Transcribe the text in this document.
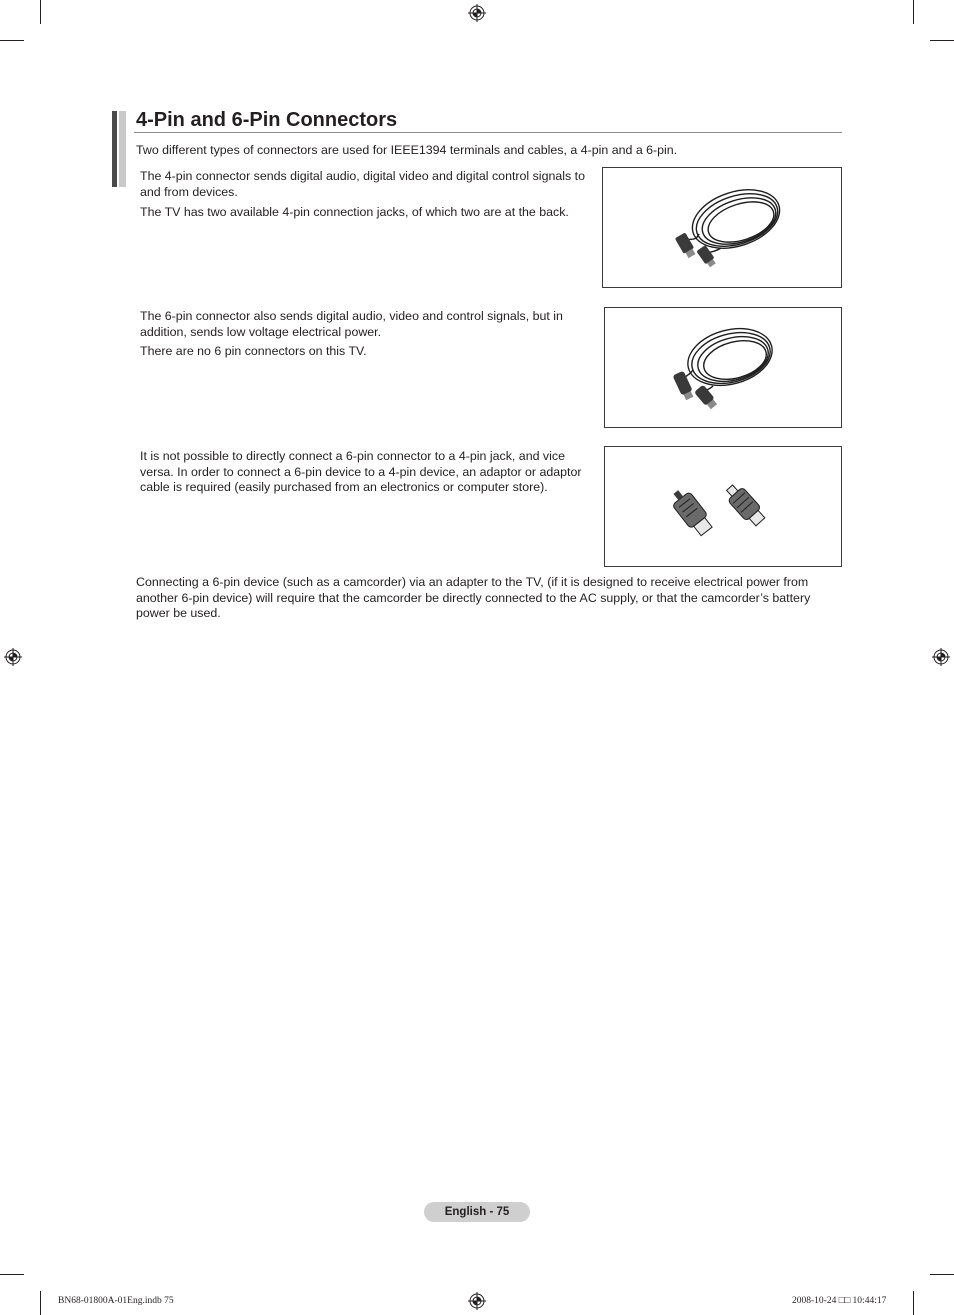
4-Pin and 6-Pin Connectors

Two different types of connectors are used for IEEE1394 terminals and cables, a 4-pin and a 6-pin.

The 4-pin connector sends digital audio, digital video and digital control signals to and from devices.

The TV has two available 4-pin connection jacks, of which two are at the back.

The 6-pin connector also sends digital audio, video and control signals, but in addition, sends low voltage electrical power.

There are no 6 pin connectors on this TV.

It is not possible to directly connect a 6-pin connector to a 4-pin jack, and vice versa. In order to connect a 6-pin device to a 4-pin device, an adaptor or adaptor cable is required (easily purchased from an electronics or computer store).

Connecting a 6-pin device (such as a camcorder) via an adapter to the TV, (if it is designed to receive electrical power from another 6-pin device) will require that the camcorder be directly connected to the AC supply, or that the camcorder’s battery power be used.

English - 75
BN68-01800A-01Eng.indb 75	2008-10-24 □□ 10:44:17
